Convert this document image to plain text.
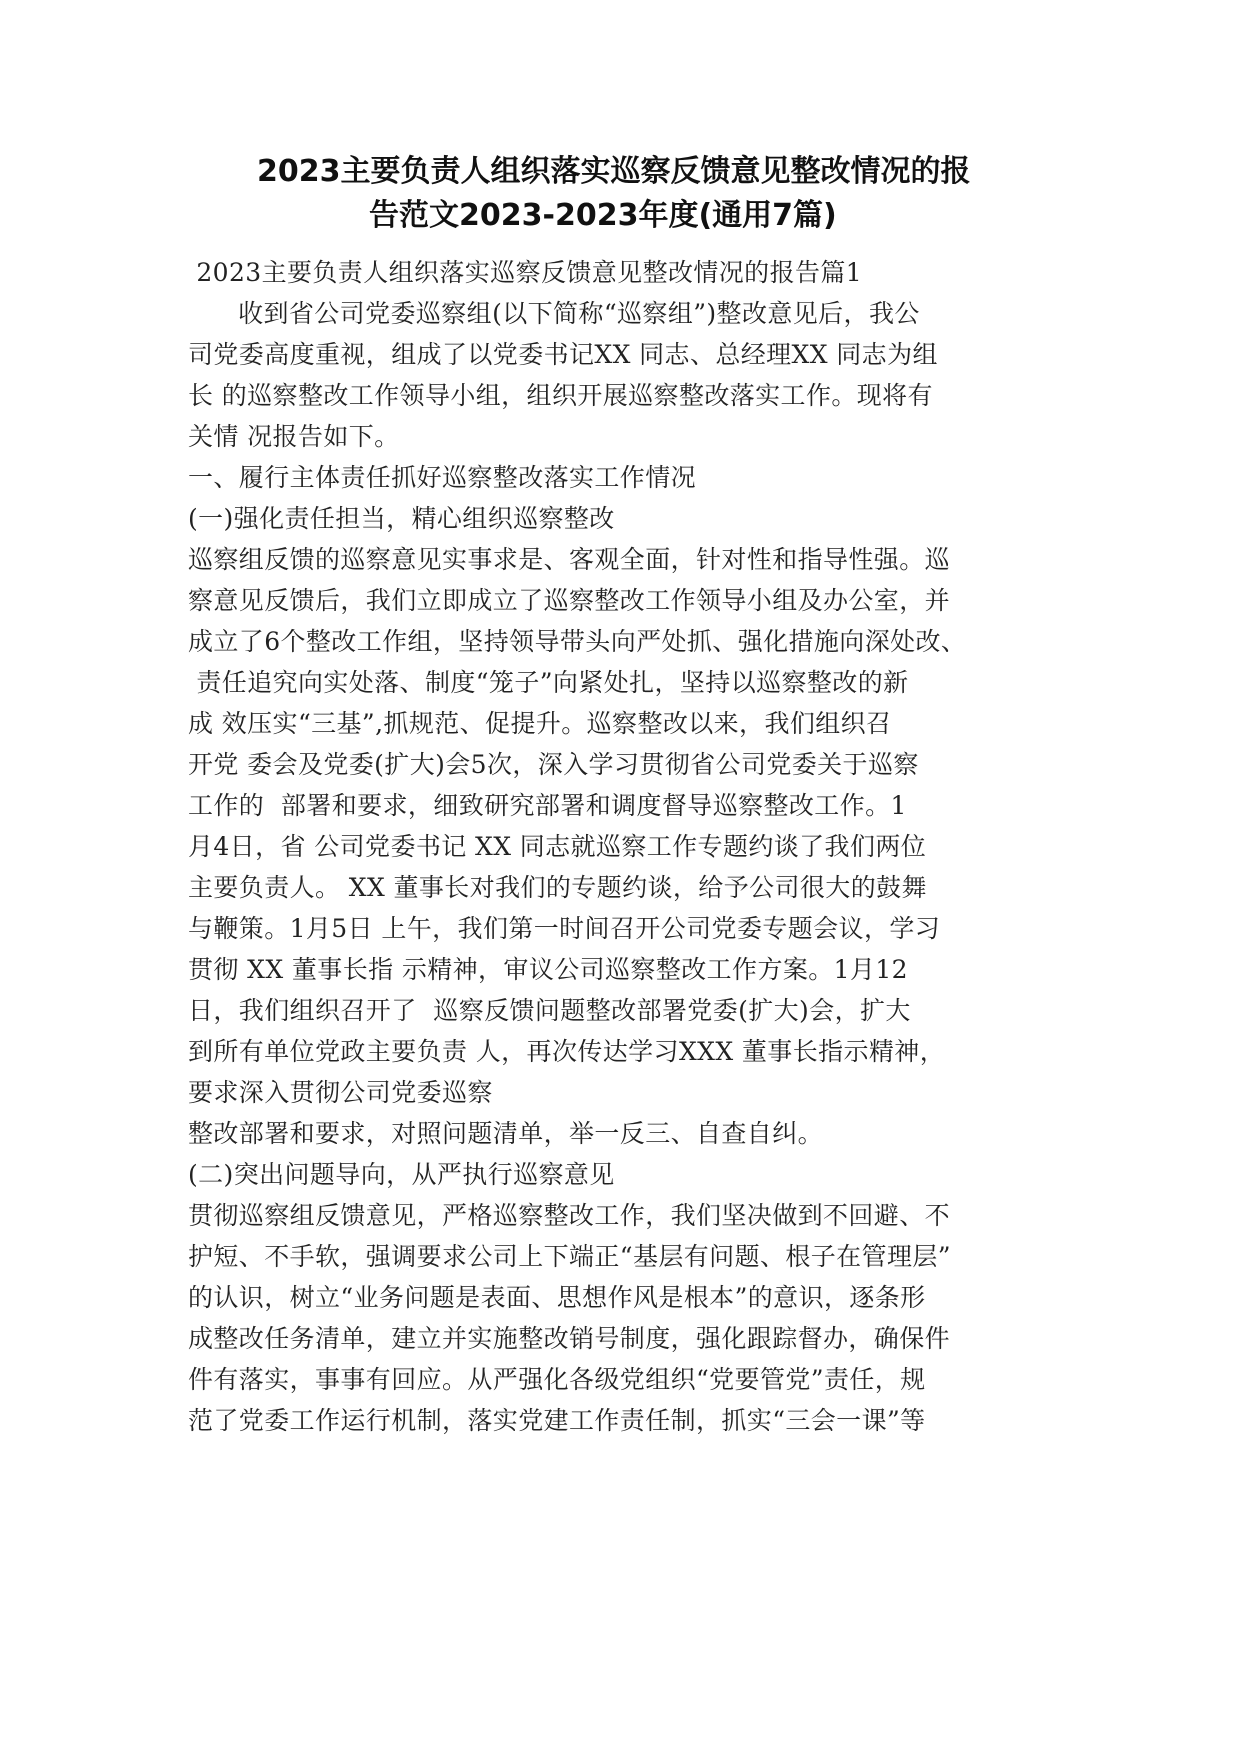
2023主要负责人组织落实巡察反馈意见整改情况的报
告范文2023-2023年度(通用7篇)
2023主要负责人组织落实巡察反馈意见整改情况的报告篇1
收到省公司党委巡察组(以下简称“巡察组”)整改意见后，我公
司党委高度重视，组成了以党委书记XX 同志、总经理XX 同志为组
长 的巡察整改工作领导小组，组织开展巡察整改落实工作。现将有
关情 况报告如下。
一、履行主体责任抓好巡察整改落实工作情况
(一)强化责任担当，精心组织巡察整改
巡察组反馈的巡察意见实事求是、客观全面，针对性和指导性强。巡
察意见反馈后，我们立即成立了巡察整改工作领导小组及办公室，并
成立了6个整改工作组，坚持领导带头向严处抓、强化措施向深处改、
责任追究向实处落、制度“笼子”向紧处扎，坚持以巡察整改的新
成 效压实“三基”,抓规范、促提升。巡察整改以来，我们组织召
开党 委会及党委(扩大)会5次，深入学习贯彻省公司党委关于巡察
工作的  部署和要求，细致研究部署和调度督导巡察整改工作。1
月4日，省 公司党委书记 XX 同志就巡察工作专题约谈了我们两位
主要负责人。 XX 董事长对我们的专题约谈，给予公司很大的鼓舞
与鞭策。1月5日 上午，我们第一时间召开公司党委专题会议，学习
贯彻 XX 董事长指 示精神，审议公司巡察整改工作方案。1月12
日，我们组织召开了  巡察反馈问题整改部署党委(扩大)会，扩大
到所有单位党政主要负责 人，再次传达学习XXX 董事长指示精神，
要求深入贯彻公司党委巡察
整改部署和要求，对照问题清单，举一反三、自查自纠。
(二)突出问题导向，从严执行巡察意见
贯彻巡察组反馈意见，严格巡察整改工作，我们坚决做到不回避、不
护短、不手软，强调要求公司上下端正“基层有问题、根子在管理层”
的认识，树立“业务问题是表面、思想作风是根本”的意识，逐条形
成整改任务清单，建立并实施整改销号制度，强化跟踪督办，确保件
件有落实，事事有回应。从严强化各级党组织“党要管党”责任，规
范了党委工作运行机制，落实党建工作责任制，抓实“三会一课”等
